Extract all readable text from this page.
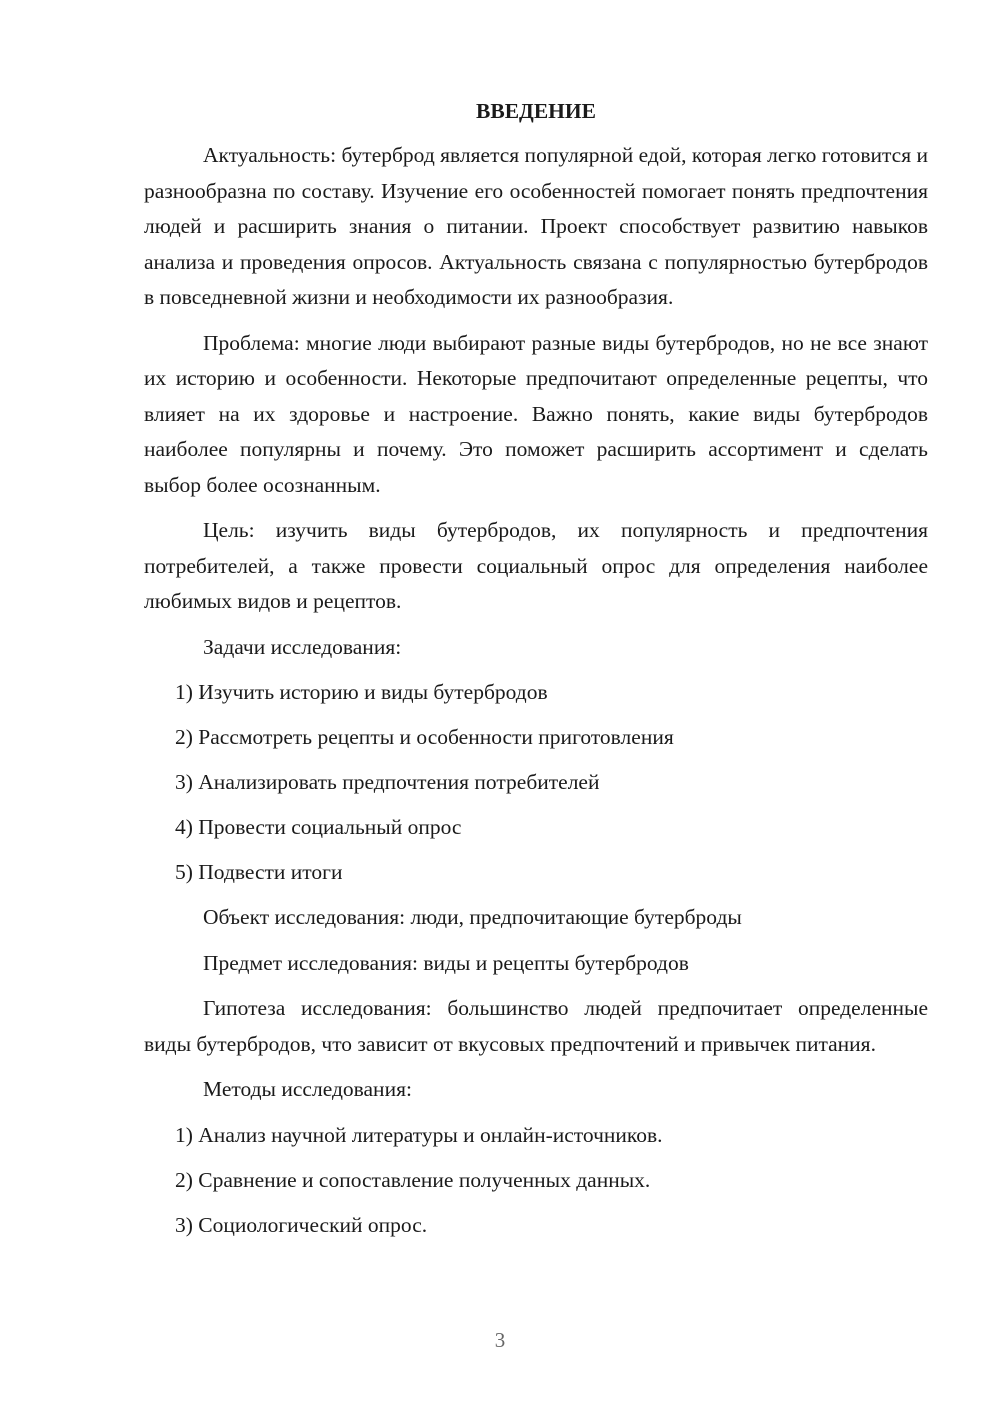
ВВЕДЕНИЕ

Актуальность: бутерброд является популярной едой, которая легко готовится и разнообразна по составу. Изучение его особенностей помогает понять предпочтения людей и расширить знания о питании. Проект способствует развитию навыков анализа и проведения опросов. Актуальность связана с популярностью бутербродов в повседневной жизни и необходимости их разнообразия.

Проблема: многие люди выбирают разные виды бутербродов, но не все знают их историю и особенности. Некоторые предпочитают определенные рецепты, что влияет на их здоровье и настроение. Важно понять, какие виды бутербродов наиболее популярны и почему. Это поможет расширить ассортимент и сделать выбор более осознанным.

Цель: изучить виды бутербродов, их популярность и предпочтения потребителей, а также провести социальный опрос для определения наиболее любимых видов и рецептов.

Задачи исследования:

1) Изучить историю и виды бутербродов
2) Рассмотреть рецепты и особенности приготовления
3) Анализировать предпочтения потребителей
4) Провести социальный опрос
5) Подвести итоги

Объект исследования: люди, предпочитающие бутерброды

Предмет исследования: виды и рецепты бутербродов

Гипотеза исследования: большинство людей предпочитает определенные виды бутербродов, что зависит от вкусовых предпочтений и привычек питания.

Методы исследования:

1) Анализ научной литературы и онлайн-источников.
2) Сравнение и сопоставление полученных данных.
3) Социологический опрос.
3
